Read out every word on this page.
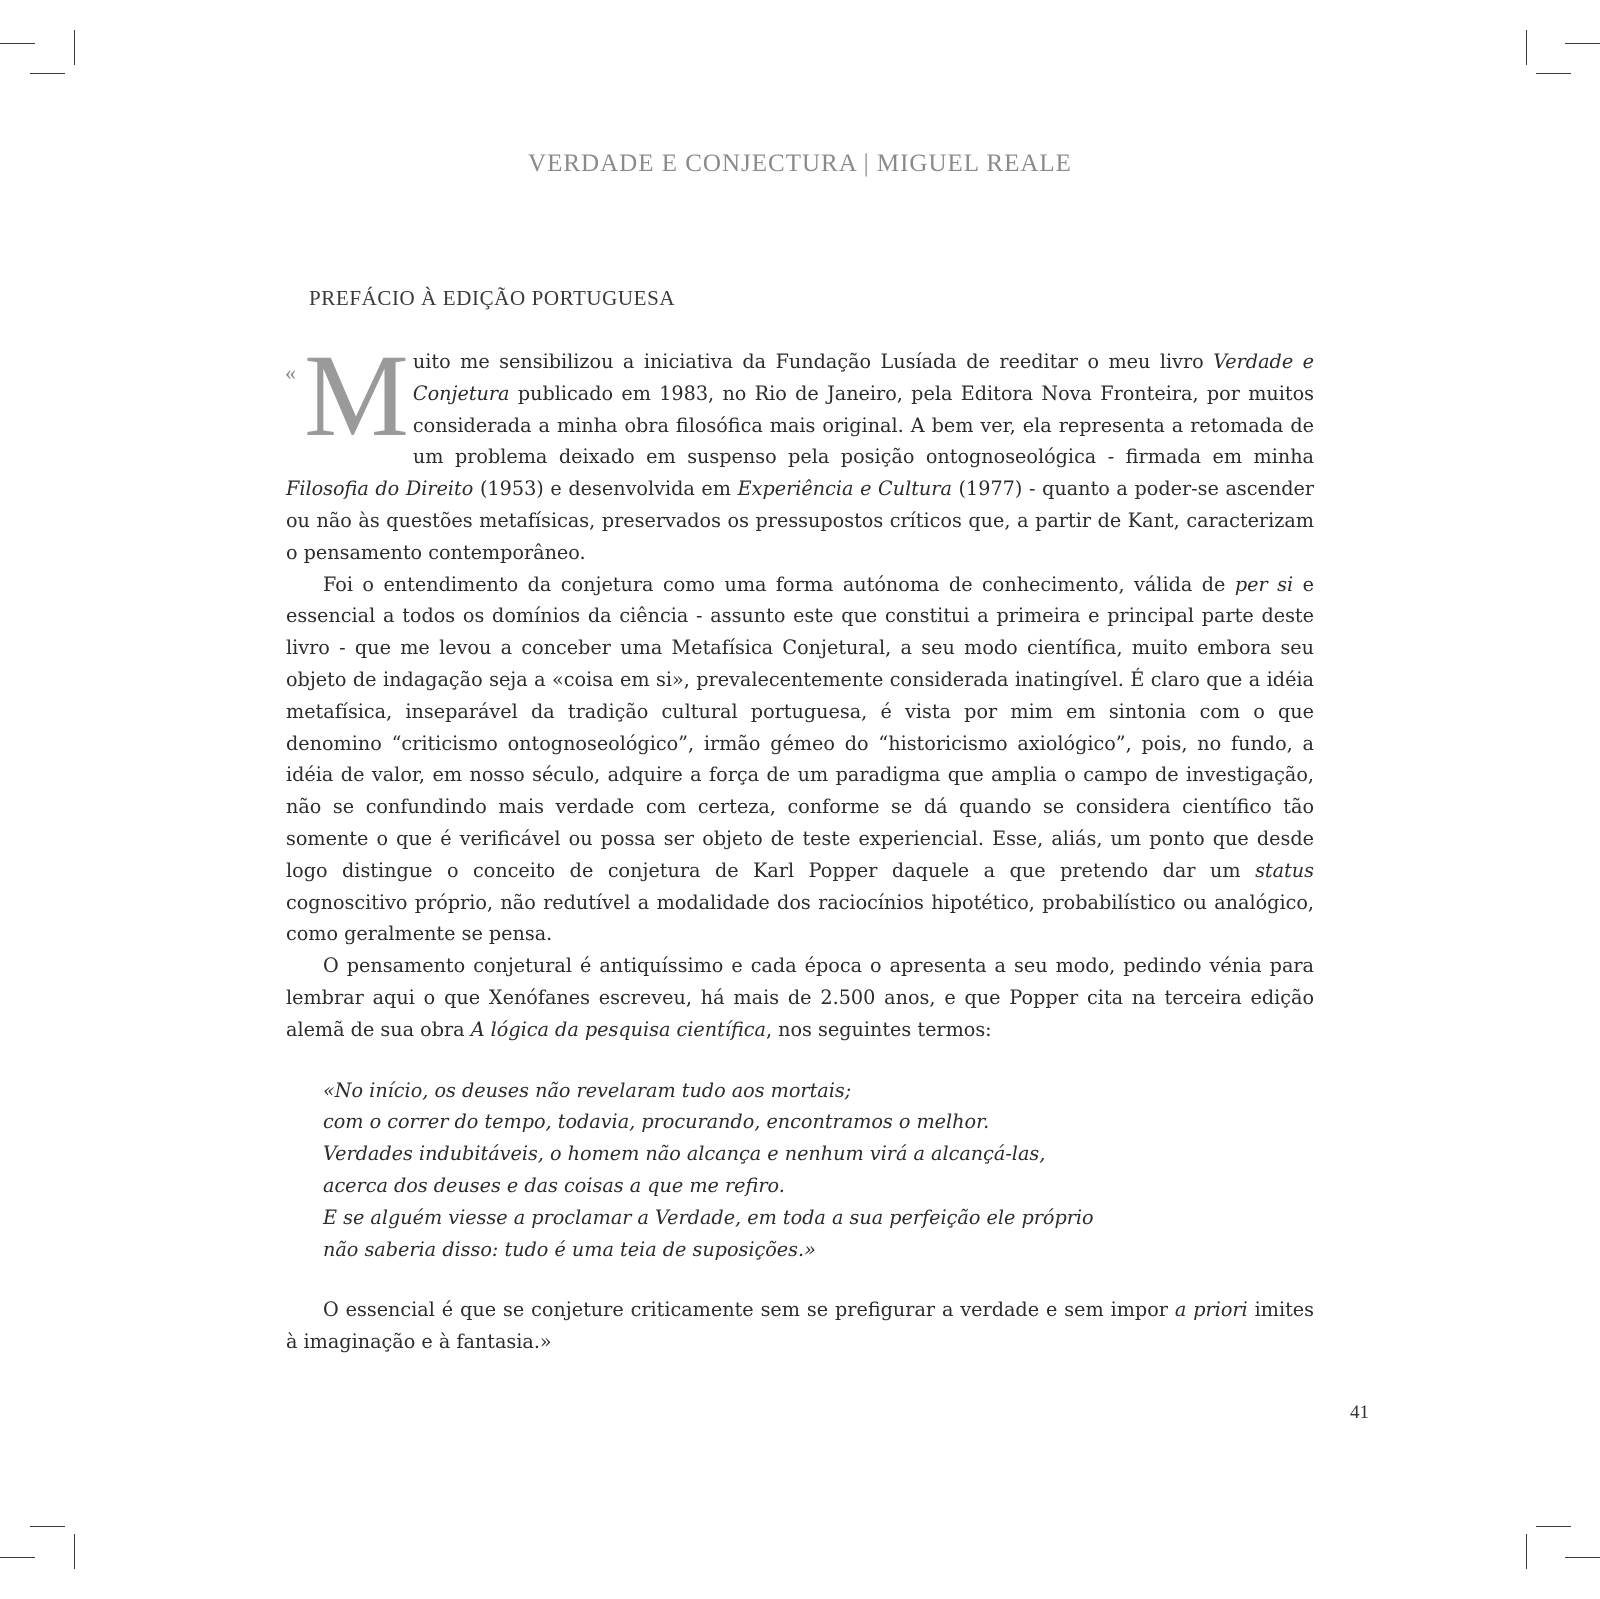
VERDADE E CONJECTURA | MIGUEL REALE
PREFÁCIO À EDIÇÃO PORTUGUESA
« Muito me sensibilizou a iniciativa da Fundação Lusíada de reeditar o meu livro Verdade e Conjetura publicado em 1983, no Rio de Janeiro, pela Editora Nova Fronteira, por muitos considerada a minha obra filosófica mais original. A bem ver, ela representa a retomada de um problema deixado em suspenso pela posição ontognoseológica - firmada em minha Filosofia do Direito (1953) e desenvolvida em Experiência e Cultura (1977) - quanto a poder-se ascender ou não às questões metafísicas, preservados os pressupostos críticos que, a partir de Kant, caracterizam o pensamento contemporâneo.

Foi o entendimento da conjetura como uma forma autónoma de conhecimento, válida de per si e essencial a todos os domínios da ciência - assunto este que constitui a primeira e principal parte deste livro - que me levou a conceber uma Metafísica Conjetural, a seu modo científica, muito embora seu objeto de indagação seja a «coisa em si», prevalecentemente considerada inatingível. É claro que a idéia metafísica, inseparável da tradição cultural portuguesa, é vista por mim em sintonia com o que denomino “criticismo ontognoseológico”, irmão gémeo do “historicismo axiológico”, pois, no fundo, a idéia de valor, em nosso século, adquire a força de um paradigma que amplia o campo de investigação, não se confundindo mais verdade com certeza, conforme se dá quando se considera científico tão somente o que é verificável ou possa ser objeto de teste experiencial. Esse, aliás, um ponto que desde logo distingue o conceito de conjetura de Karl Popper daquele a que pretendo dar um status cognoscitivo próprio, não redutível a modalidade dos raciocínios hipotético, probabilístico ou analógico, como geralmente se pensa.

O pensamento conjetural é antiquíssimo e cada época o apresenta a seu modo, pedindo vénia para lembrar aqui o que Xenófanes escreveu, há mais de 2.500 anos, e que Popper cita na terceira edição alemã de sua obra A lógica da pesquisa científica, nos seguintes termos:

«No início, os deuses não revelaram tudo aos mortais;
com o correr do tempo, todavia, procurando, encontramos o melhor.
Verdades indubitáveis, o homem não alcança e nenhum virá a alcançá-las,
acerca dos deuses e das coisas a que me refiro.
E se alguém viesse a proclamar a Verdade, em toda a sua perfeição ele próprio
não saberia disso: tudo é uma teia de suposições.»

O essencial é que se conjeture criticamente sem se prefigurar a verdade e sem impor a priori imites à imaginação e à fantasia.»

41
